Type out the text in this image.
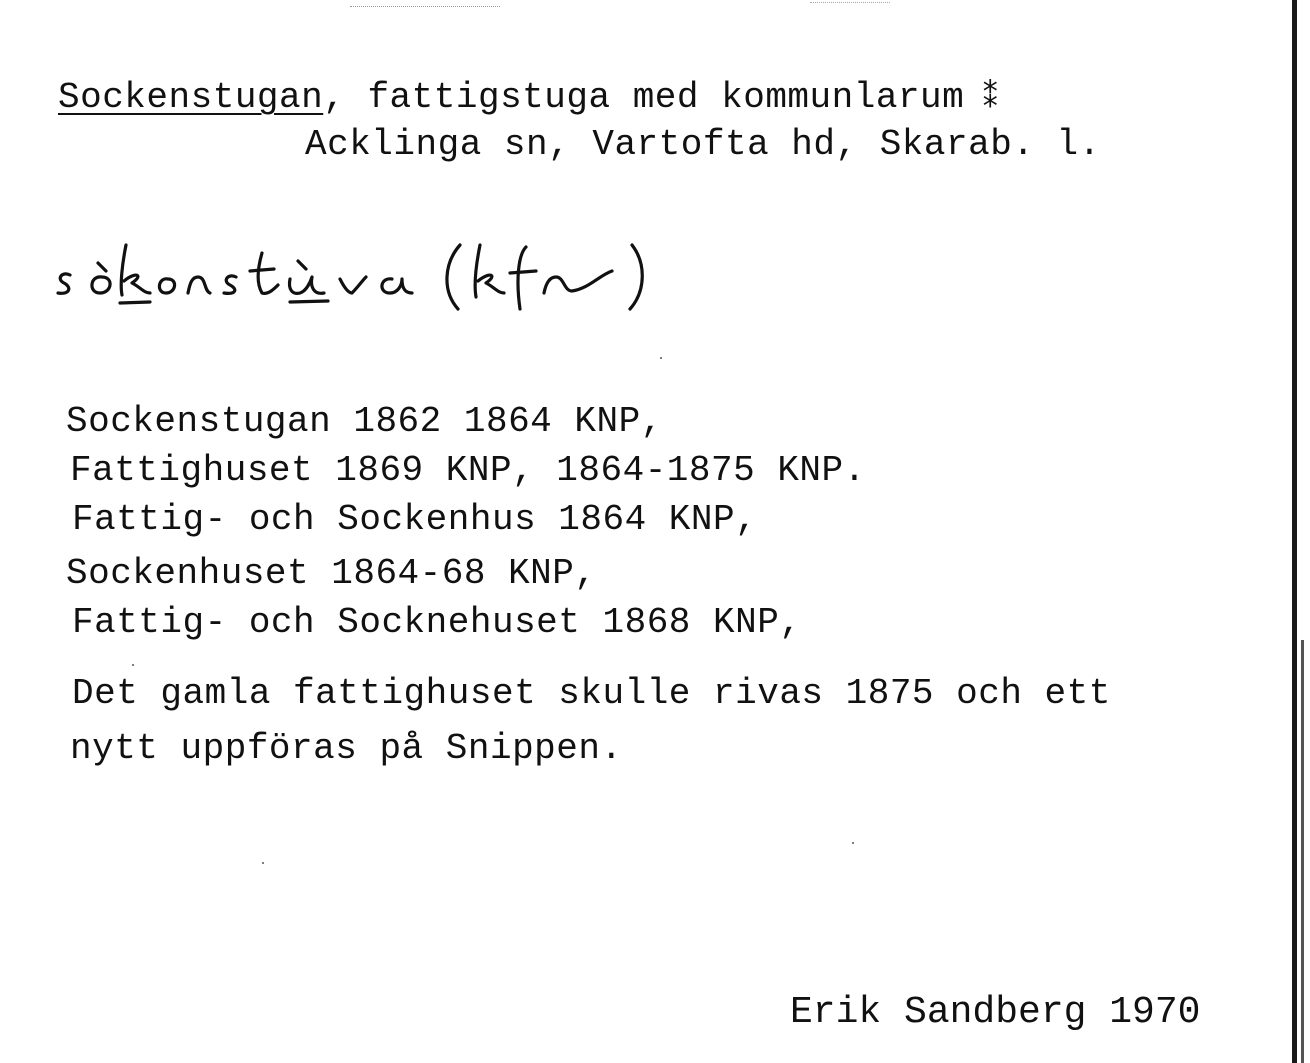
Sockenstugan, fattigstuga med kommunlarum ⁑
Acklinga sn, Vartofta hd, Skarab. l.
Sockenstugan 1862 1864 KNP,
Fattighuset 1869 KNP, 1864-1875 KNP.
Fattig- och Sockenhus 1864 KNP,
Sockenhuset 1864-68 KNP,
Fattig- och Socknehuset 1868 KNP,
Det gamla fattighuset skulle rivas 1875 och ett
nytt uppföras på Snippen.
Erik Sandberg 1970
